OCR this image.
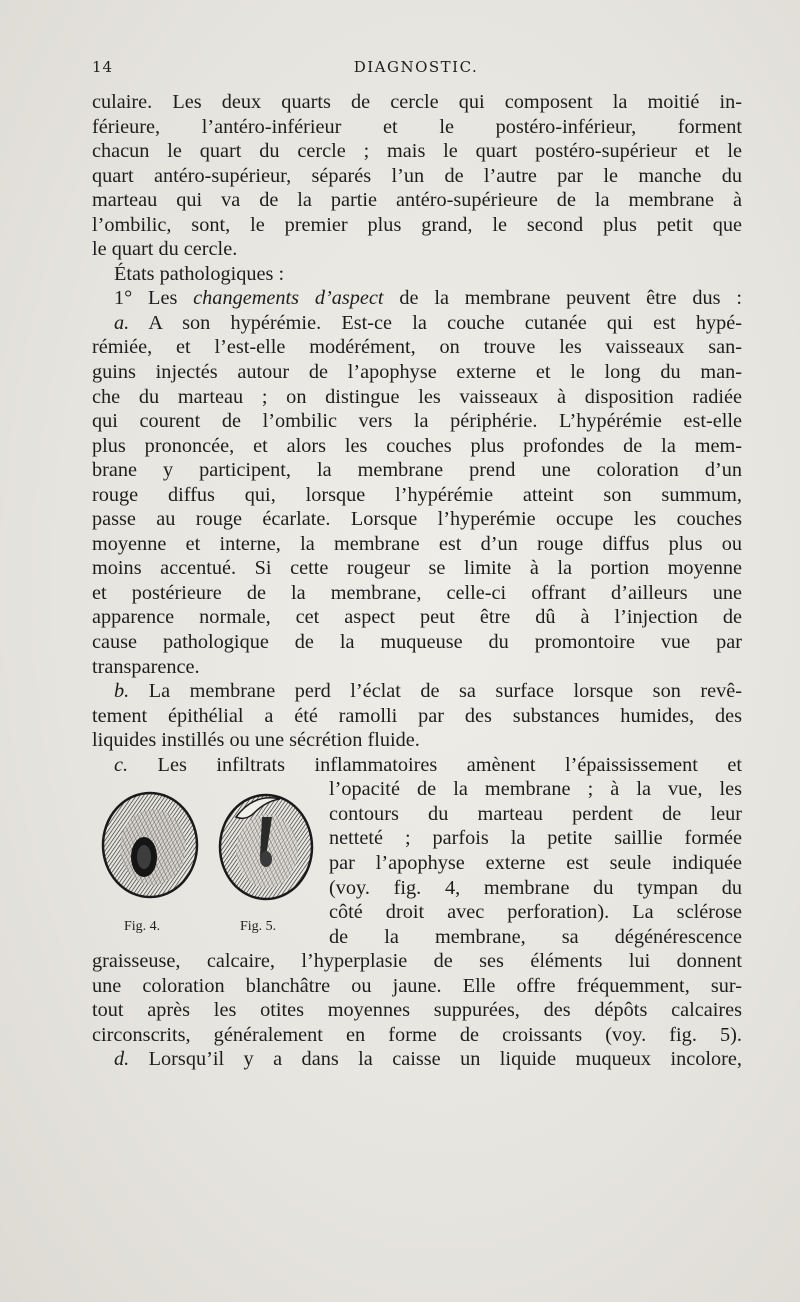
14	DIAGNOSTIC.
culaire. Les deux quarts de cercle qui composent la moitié in-
férieure, l’antéro-inférieur et le postéro-inférieur, forment
chacun le quart du cercle ; mais le quart postéro-supérieur et le
quart antéro-supérieur, séparés l’un de l’autre par le manche du
marteau qui va de la partie antéro-supérieure de la membrane à
l’ombilic, sont, le premier plus grand, le second plus petit que
le quart du cercle.
États pathologiques :
1° Les changements d’aspect de la membrane peuvent être dus :
a. A son hypérémie. Est-ce la couche cutanée qui est hypé-
rémiée, et l’est-elle modérément, on trouve les vaisseaux san-
guins injectés autour de l’apophyse externe et le long du man-
che du marteau ; on distingue les vaisseaux à disposition radiée
qui courent de l’ombilic vers la périphérie. L’hypérémie est-elle
plus prononcée, et alors les couches plus profondes de la mem-
brane y participent, la membrane prend une coloration d’un
rouge diffus qui, lorsque l’hypérémie atteint son summum,
passe au rouge écarlate. Lorsque l’hyperémie occupe les couches
moyenne et interne, la membrane est d’un rouge diffus plus ou
moins accentué. Si cette rougeur se limite à la portion moyenne
et postérieure de la membrane, celle-ci offrant d’ailleurs une
apparence normale, cet aspect peut être dû à l’injection de
cause pathologique de la muqueuse du promontoire vue par
transparence.
b. La membrane perd l’éclat de sa surface lorsque son revê-
tement épithélial a été ramolli par des substances humides, des
liquides instillés ou une sécrétion fluide.
c. Les infiltrats inflammatoires amènent l’épaississement et
Fig. 4.	Fig. 5.
l’opacité de la membrane ; à la vue, les
contours du marteau perdent de leur
netteté ; parfois la petite saillie formée
par l’apophyse externe est seule indiquée
(voy. fig. 4, membrane du tympan du
côté droit avec perforation). La sclérose
de la membrane, sa dégénérescence
graisseuse, calcaire, l’hyperplasie de ses éléments lui donnent
une coloration blanchâtre ou jaune. Elle offre fréquemment, sur-
tout après les otites moyennes suppurées, des dépôts calcaires
circonscrits, généralement en forme de croissants (voy. fig. 5).
d. Lorsqu’il y a dans la caisse un liquide muqueux incolore,
